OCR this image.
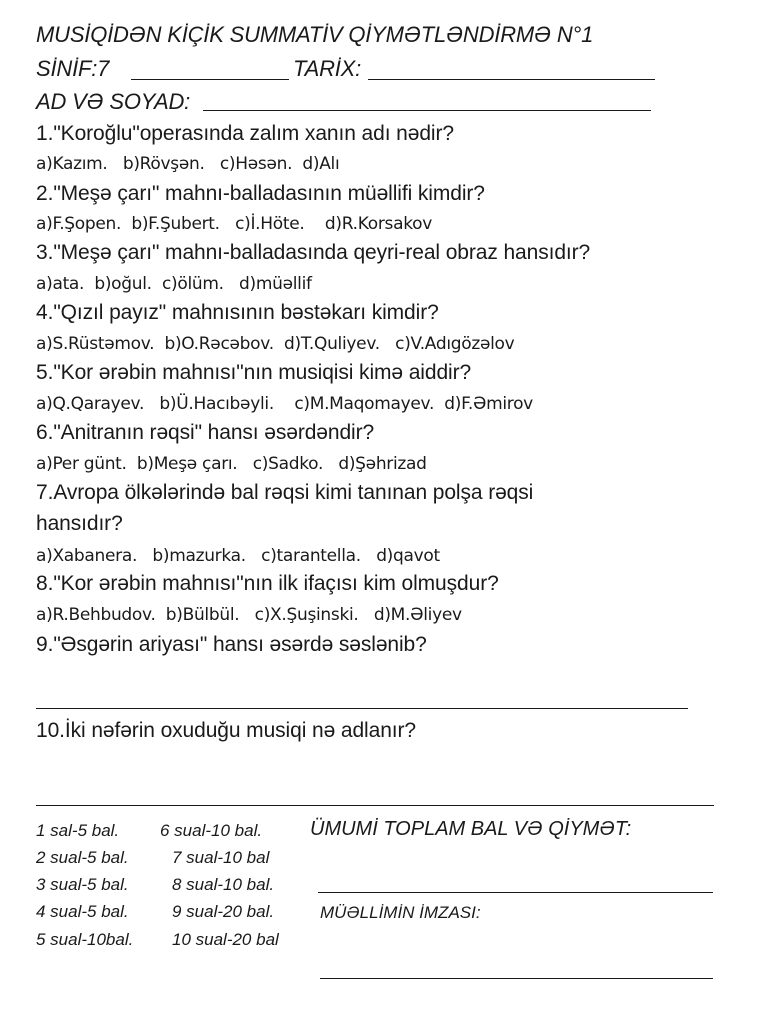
MUSİQİDƏN KİÇİK SUMMATİV QİYMƏTLƏNDİRMƏ N°1
SİNİF:7	TARİX:
AD VƏ SOYAD:
1."Koroğlu"operasında zalım xanın adı nədir?
a)Kazım.   b)Rövşən.   c)Həsən.  d)Alı
2."Meşə çarı" mahnı-balladasının müəllifi kimdir?
a)F.Şopen.  b)F.Şubert.   c)İ.Höte.    d)R.Korsakov
3."Meşə çarı" mahnı-balladasında qeyri-real obraz hansıdır?
a)ata.  b)oğul.  c)ölüm.   d)müəllif
4."Qızıl payız" mahnısının bəstəkarı kimdir?
a)S.Rüstəmov.  b)O.Rəcəbov.  d)T.Quliyev.   c)V.Adıgözəlov
5."Kor ərəbin mahnısı"nın musiqisi kimə aiddir?
a)Q.Qarayev.   b)Ü.Hacıbəyli.    c)M.Maqomayev.  d)F.Əmirov
6."Anitranın rəqsi" hansı əsərdəndir?
a)Per günt.  b)Meşə çarı.   c)Sadko.   d)Şəhrizad
7.Avropa ölkələrində bal rəqsi kimi tanınan polşa rəqsi
hansıdır?
a)Xabanera.   b)mazurka.   c)tarantella.   d)qavot
8."Kor ərəbin mahnısı"nın ilk ifaçısı kim olmuşdur?
a)R.Behbudov.  b)Bülbül.   c)X.Şuşinski.   d)M.Əliyev
9."Əsgərin ariyası" hansı əsərdə səslənib?
10.İki nəfərin oxuduğu musiqi nə adlanır?
1 sal-5 bal.
2 sual-5 bal.
3 sual-5 bal.
4 sual-5 bal.
5 sual-10bal.
6 sual-10 bal.
7 sual-10 bal
8 sual-10 bal.
9 sual-20 bal.
10 sual-20 bal
ÜMUMİ TOPLAM BAL VƏ QİYMƏT:
MÜƏLLİMİN İMZASI:
